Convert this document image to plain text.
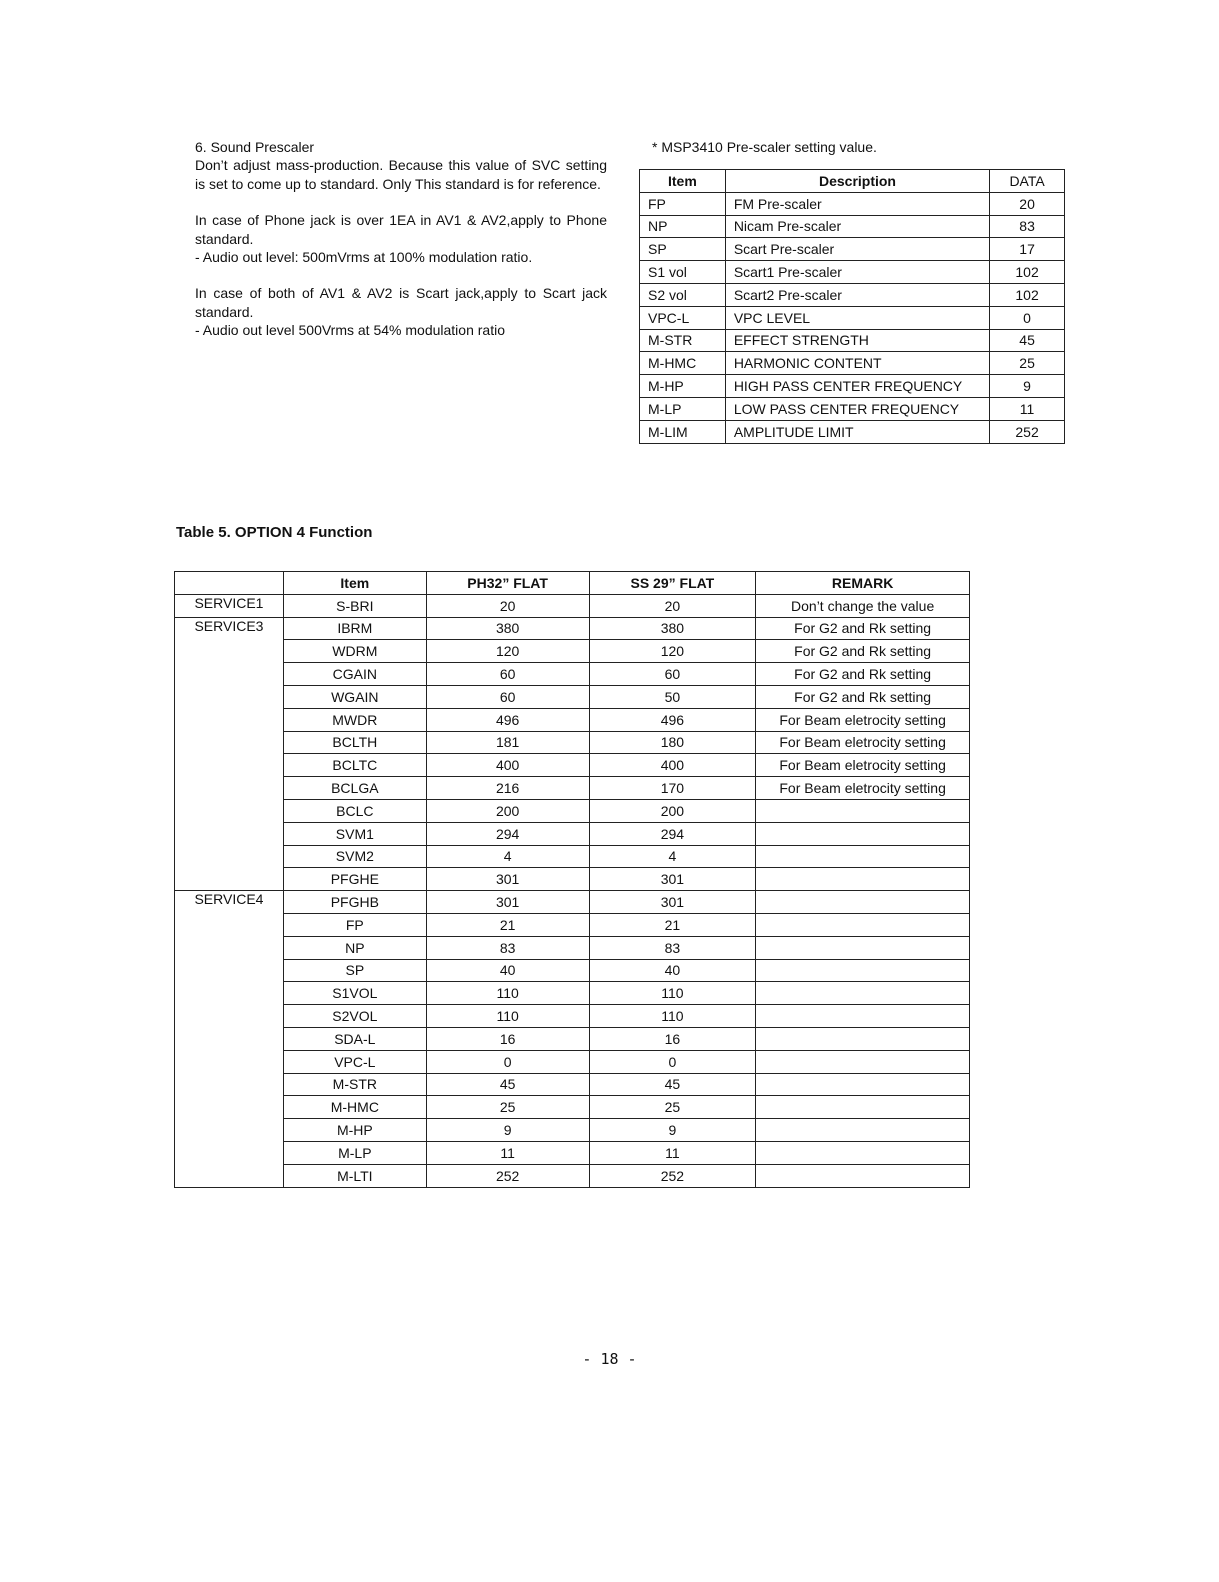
6. Sound Prescaler

Don’t adjust mass-production. Because this value of SVC setting is set to come up to standard. Only This standard is for reference.

In case of Phone jack is over 1EA in AV1 & AV2,apply to Phone standard.

- Audio out level: 500mVrms at 100% modulation ratio.

In case of both of AV1 & AV2 is Scart jack,apply to Scart jack standard.

- Audio out level 500Vrms at 54% modulation ratio

* MSP3410 Pre-scaler setting value.
Item	Description	DATA
FP	FM Pre-scaler	20
NP	Nicam Pre-scaler	83
SP	Scart Pre-scaler	17
S1 vol	Scart1 Pre-scaler	102
S2 vol	Scart2 Pre-scaler	102
VPC-L	VPC LEVEL	0
M-STR	EFFECT STRENGTH	45
M-HMC	HARMONIC CONTENT	25
M-HP	HIGH PASS CENTER FREQUENCY	9
M-LP	LOW PASS CENTER FREQUENCY	11
M-LIM	AMPLITUDE LIMIT	252
Table 5. OPTION 4 Function
	Item	PH32” FLAT	SS 29” FLAT	REMARK
SERVICE1	S-BRI	20	20	Don’t change the value
SERVICE3	IBRM	380	380	For G2 and Rk setting
	WDRM	120	120	For G2 and Rk setting
	CGAIN	60	60	For G2 and Rk setting
	WGAIN	60	50	For G2 and Rk setting
	MWDR	496	496	For Beam eletrocity setting
	BCLTH	181	180	For Beam eletrocity setting
	BCLTC	400	400	For Beam eletrocity setting
	BCLGA	216	170	For Beam eletrocity setting
	BCLC	200	200	
	SVM1	294	294	
	SVM2	4	4	
	PFGHE	301	301	
SERVICE4	PFGHB	301	301	
	FP	21	21	
	NP	83	83	
	SP	40	40	
	S1VOL	110	110	
	S2VOL	110	110	
	SDA-L	16	16	
	VPC-L	0	0	
	M-STR	45	45	
	M-HMC	25	25	
	M-HP	9	9	
	M-LP	11	11	
	M-LTI	252	252	
- 18 -
